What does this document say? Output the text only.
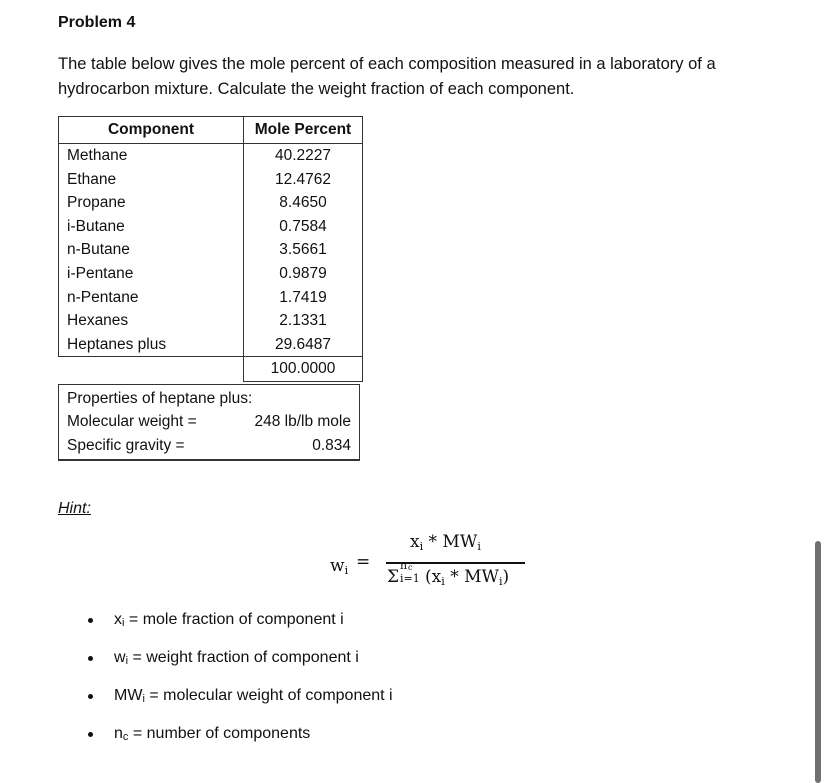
Problem 4
The table below gives the mole percent of each composition measured in a laboratory of a hydrocarbon mixture. Calculate the weight fraction of each component.
Component	Mole Percent
Methane	40.2227
Ethane	12.4762
Propane	8.4650
i-Butane	0.7584
n-Butane	3.5661
i-Pentane	0.9879
n-Pentane	1.7419
Hexanes	2.1331
Heptanes plus	29.6487
	100.0000
Properties of heptane plus:
Molecular weight =	248 lb/lb mole
Specific gravity =	0.834
Hint:
$w_i$ =
$x_i * MW_i$
Σ
n c
i=1 $(x_i * MW_i)$
xi = mole fraction of component i
wi = weight fraction of component i
MWi = molecular weight of component i
nc = number of components
